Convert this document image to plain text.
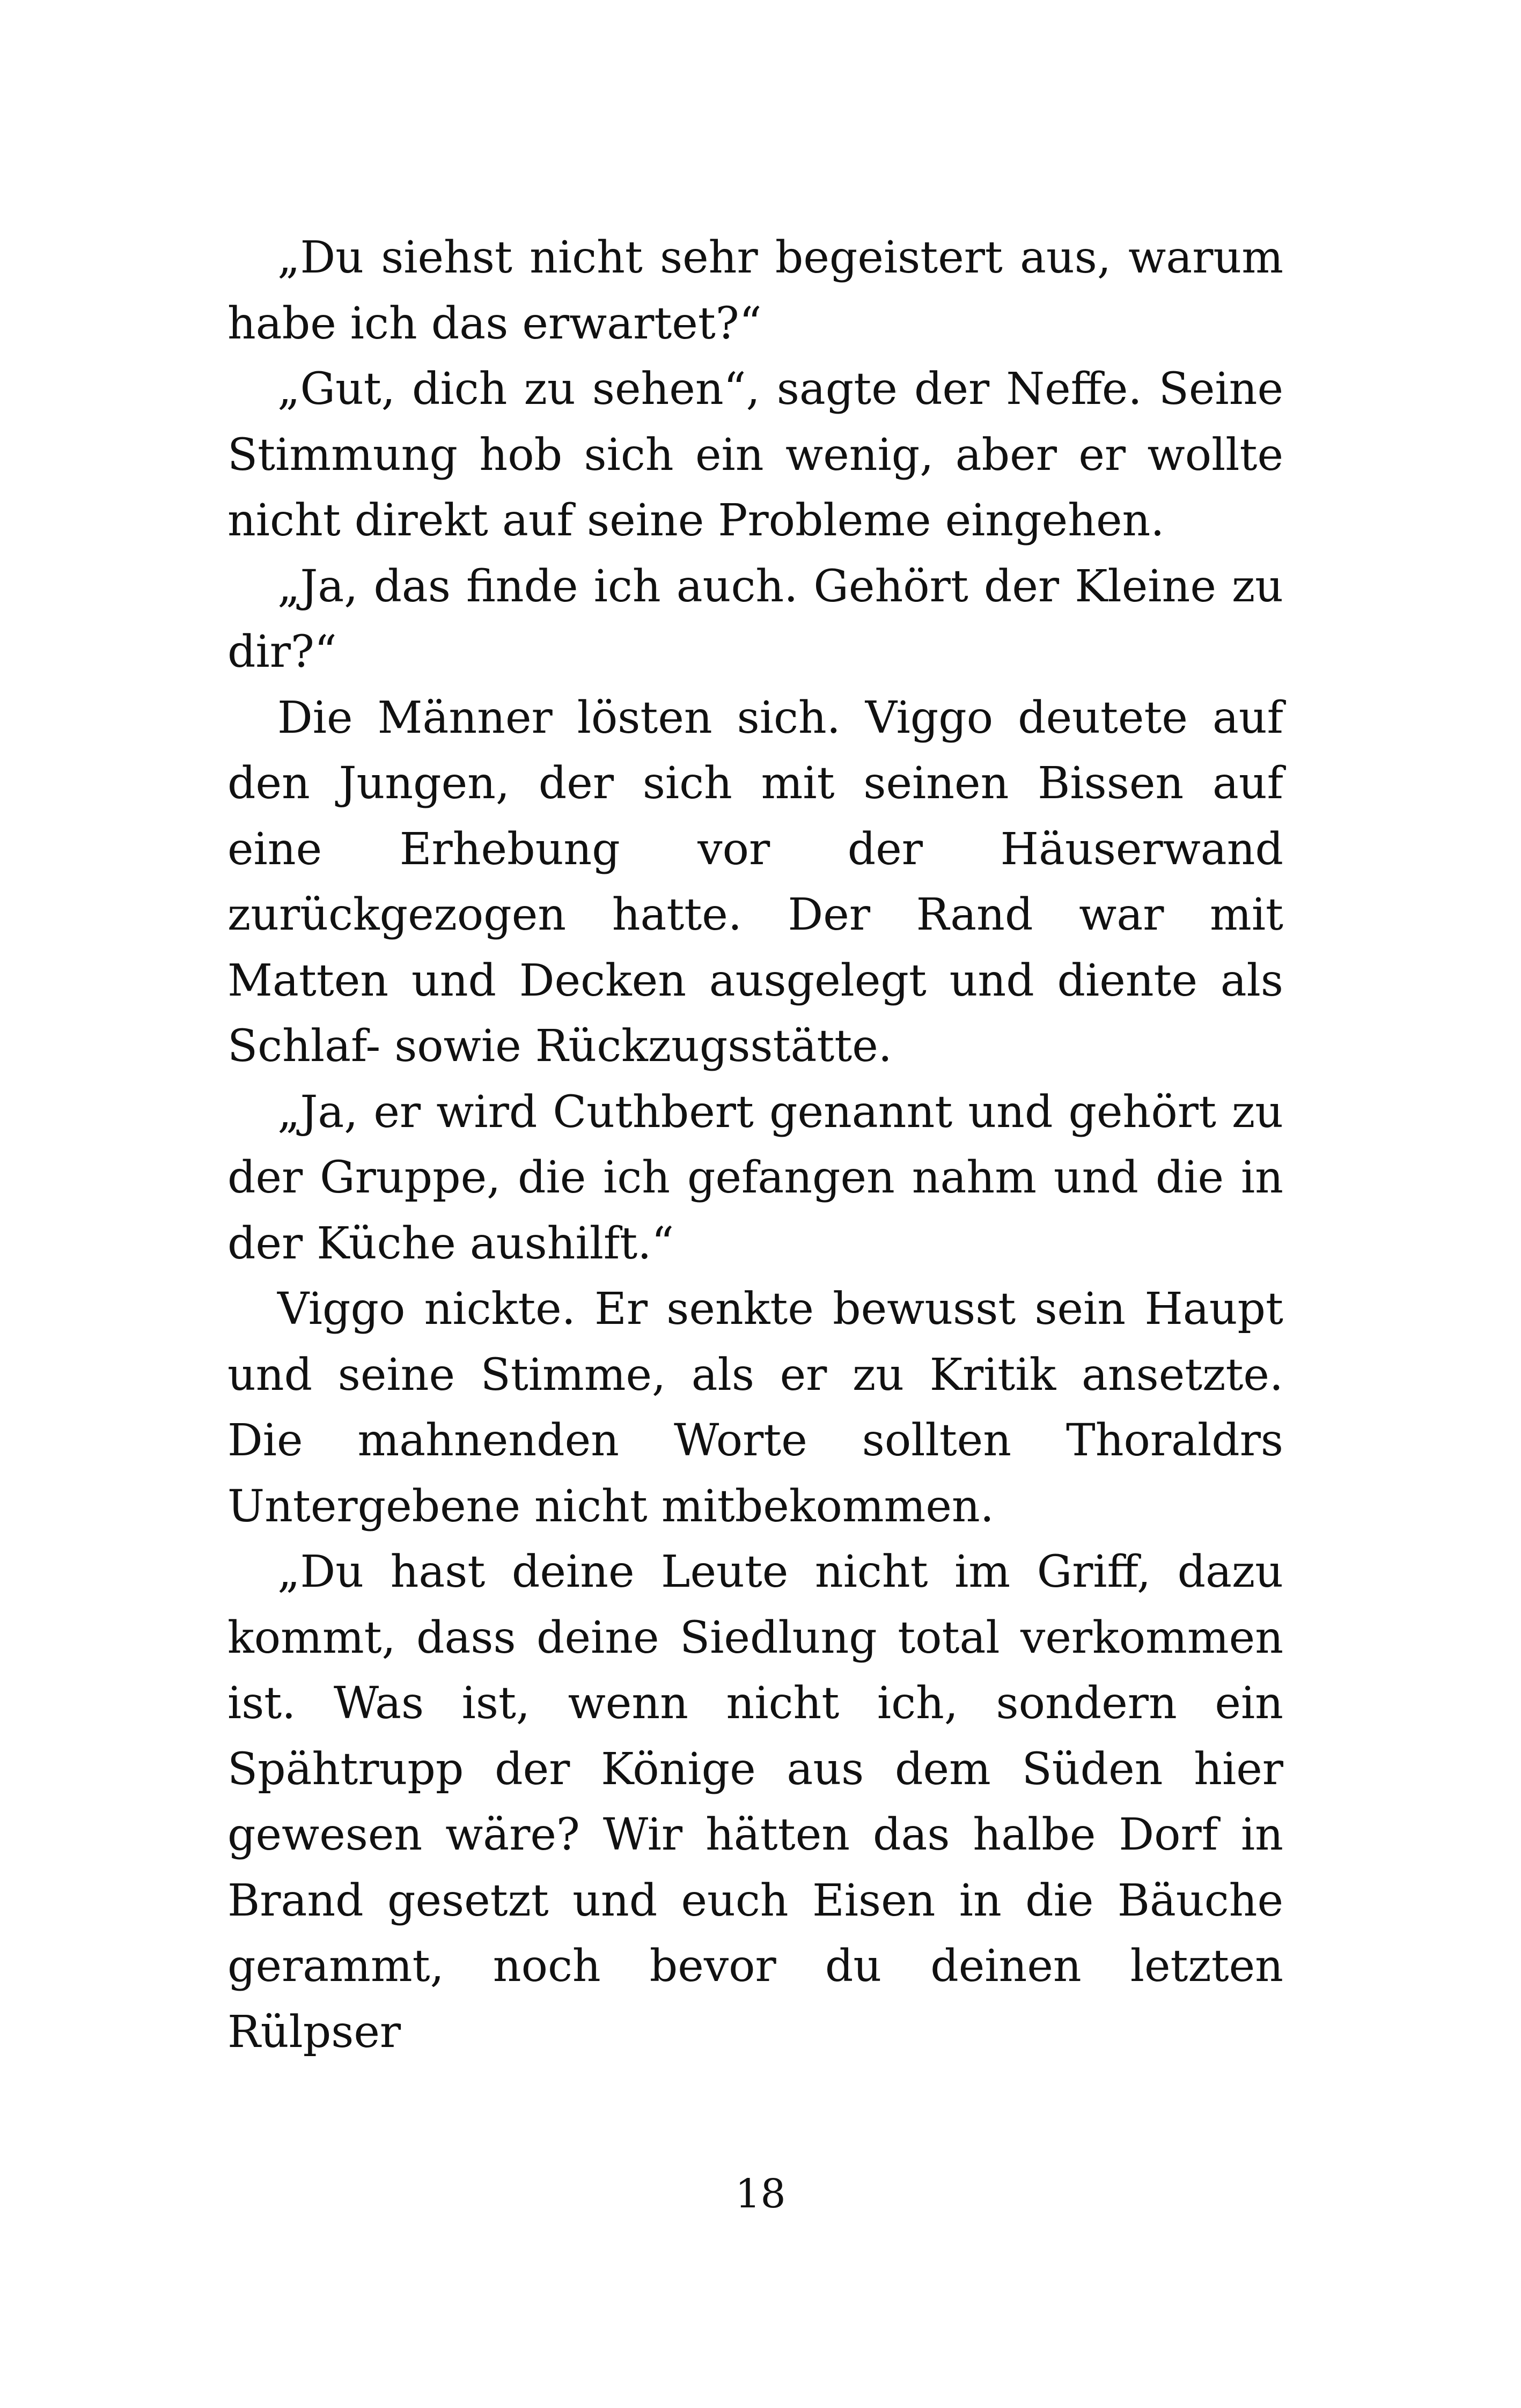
„Du siehst nicht sehr begeistert aus, warum habe ich das erwartet?“

„Gut, dich zu sehen“, sagte der Neffe. Seine Stimmung hob sich ein wenig, aber er wollte nicht direkt auf seine Probleme eingehen.

„Ja, das finde ich auch. Gehört der Kleine zu dir?“

Die Männer lösten sich. Viggo deutete auf den Jungen, der sich mit seinen Bissen auf eine Erhebung vor der Häuserwand zurückgezogen hatte. Der Rand war mit Matten und Decken ausgelegt und diente als Schlaf- sowie Rückzugsstätte.

„Ja, er wird Cuthbert genannt und gehört zu der Gruppe, die ich gefangen nahm und die in der Küche aushilft.“

Viggo nickte. Er senkte bewusst sein Haupt und seine Stimme, als er zu Kritik ansetzte. Die mahnenden Worte sollten Thoraldrs Untergebene nicht mitbekommen.

„Du hast deine Leute nicht im Griff, dazu kommt, dass deine Siedlung total verkommen ist. Was ist, wenn nicht ich, sondern ein Spähtrupp der Könige aus dem Süden hier gewesen wäre? Wir hätten das halbe Dorf in Brand gesetzt und euch Eisen in die Bäuche gerammt, noch bevor du deinen letzten Rülpser

18
